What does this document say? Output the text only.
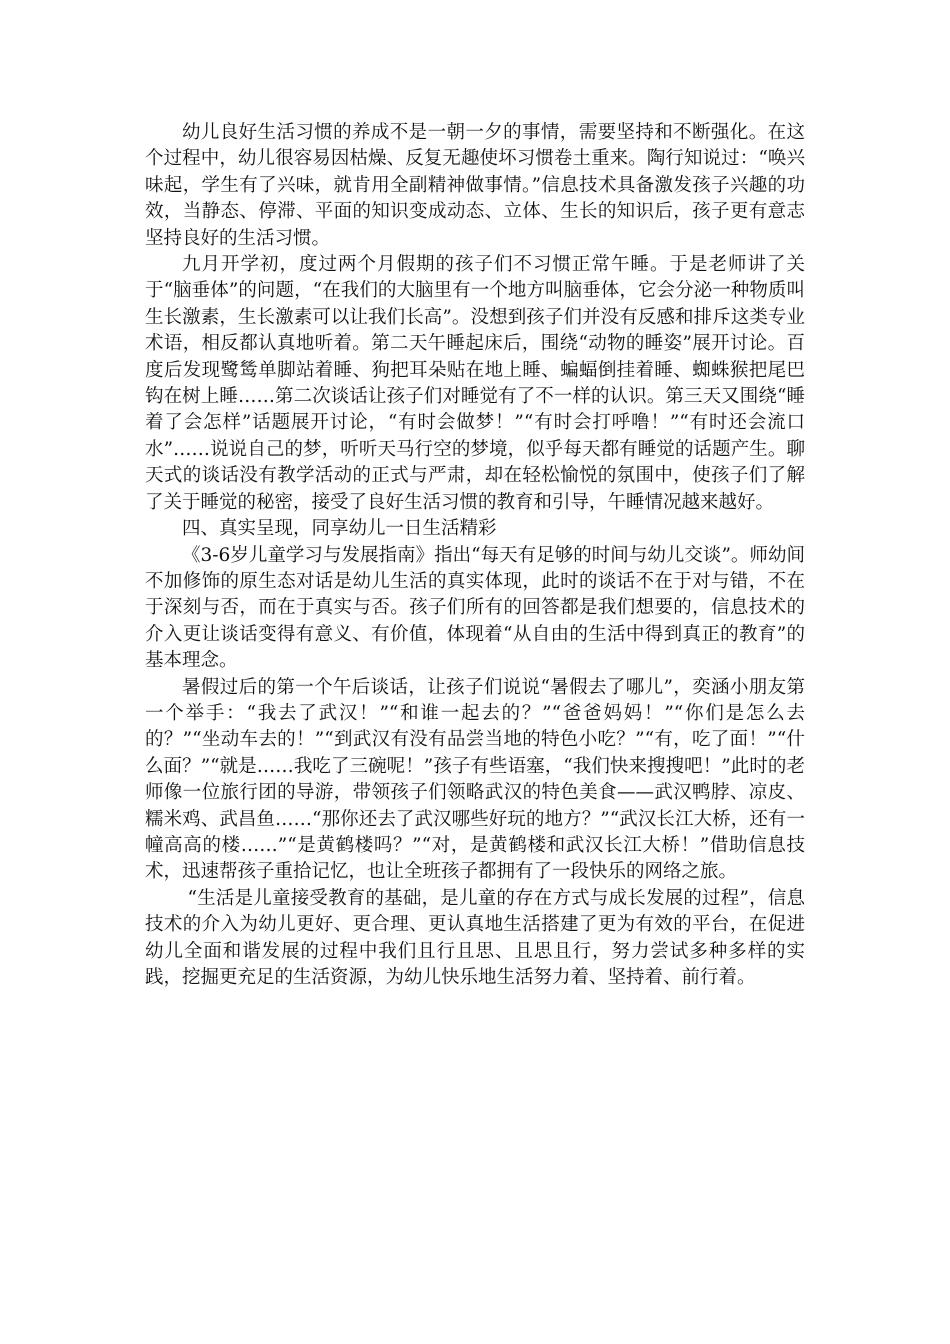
幼儿良好生活习惯的养成不是一朝一夕的事情，需要坚持和不断强化。在这个过程中，幼儿很容易因枯燥、反复无趣使坏习惯卷土重来。陶行知说过：“唤兴味起，学生有了兴味，就肯用全副精神做事情。”信息技术具备激发孩子兴趣的功效，当静态、停滞、平面的知识变成动态、立体、生长的知识后，孩子更有意志坚持良好的生活习惯。

九月开学初，度过两个月假期的孩子们不习惯正常午睡。于是老师讲了关于“脑垂体”的问题，“在我们的大脑里有一个地方叫脑垂体，它会分泌一种物质叫生长激素，生长激素可以让我们长高”。没想到孩子们并没有反感和排斥这类专业术语，相反都认真地听着。第二天午睡起床后，围绕“动物的睡姿”展开讨论。百度后发现鹭鸶单脚站着睡、狗把耳朵贴在地上睡、蝙蝠倒挂着睡、蜘蛛猴把尾巴钩在树上睡……第二次谈话让孩子们对睡觉有了不一样的认识。第三天又围绕“睡着了会怎样”话题展开讨论，“有时会做梦！”“有时会打呼噜！”“有时还会流口水”……说说自己的梦，听听天马行空的梦境，似乎每天都有睡觉的话题产生。聊天式的谈话没有教学活动的正式与严肃，却在轻松愉悦的氛围中，使孩子们了解了关于睡觉的秘密，接受了良好生活习惯的教育和引导，午睡情况越来越好。

四、真实呈现，同享幼儿一日生活精彩

《3-6岁儿童学习与发展指南》指出“每天有足够的时间与幼儿交谈”。师幼间不加修饰的原生态对话是幼儿生活的真实体现，此时的谈话不在于对与错，不在于深刻与否，而在于真实与否。孩子们所有的回答都是我们想要的，信息技术的介入更让谈话变得有意义、有价值，体现着“从自由的生活中得到真正的教育”的基本理念。

暑假过后的第一个午后谈话，让孩子们说说“暑假去了哪儿”，奕涵小朋友第一个举手：“我去了武汉！”“和谁一起去的？”“爸爸妈妈！”“你们是怎么去的？”“坐动车去的！”“到武汉有没有品尝当地的特色小吃？”“有，吃了面！”“什么面？”“就是……我吃了三碗呢！”孩子有些语塞，“我们快来搜搜吧！”此时的老师像一位旅行团的导游，带领孩子们领略武汉的特色美食——武汉鸭脖、凉皮、糯米鸡、武昌鱼……“那你还去了武汉哪些好玩的地方？”“武汉长江大桥，还有一幢高高的楼……”“是黄鹤楼吗？”“对，是黄鹤楼和武汉长江大桥！”借助信息技术，迅速帮孩子重拾记忆，也让全班孩子都拥有了一段快乐的网络之旅。

“生活是儿童接受教育的基础，是儿童的存在方式与成长发展的过程”，信息技术的介入为幼儿更好、更合理、更认真地生活搭建了更为有效的平台，在促进幼儿全面和谐发展的过程中我们且行且思、且思且行，努力尝试多种多样的实践，挖掘更充足的生活资源，为幼儿快乐地生活努力着、坚持着、前行着。
